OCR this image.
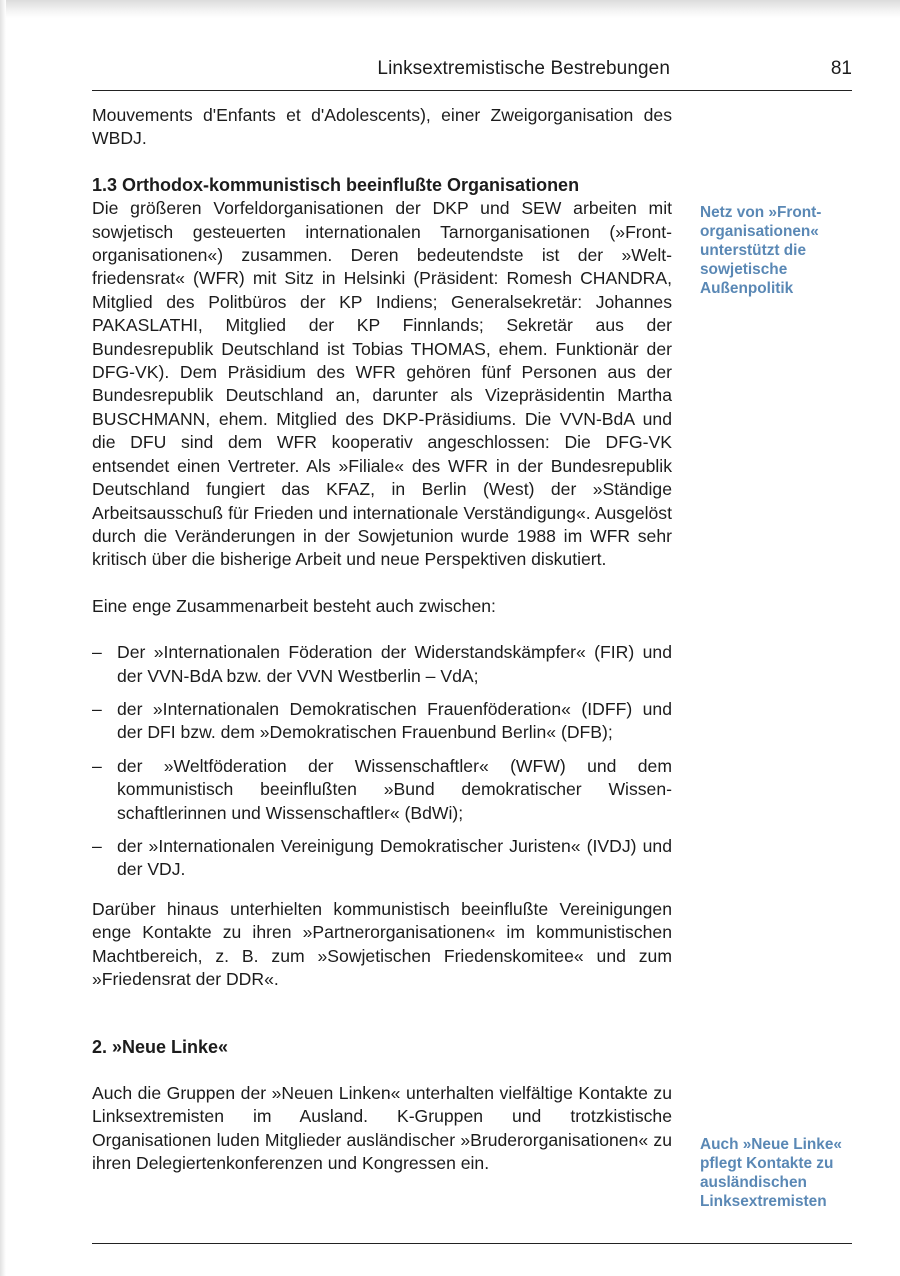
Linksextremistische Bestrebungen	81

Mouvements d'Enfants et d'Adolescents), einer Zweigorganisation des WBDJ.

1.3 Orthodox-kommunistisch beeinflußte Organisationen

Die größeren Vorfeldorganisationen der DKP und SEW arbeiten mit sowjetisch gesteuerten internationalen Tarnorganisationen (»Frontorganisationen«) zusammen. Deren bedeutendste ist der »Weltfriedensrat« (WFR) mit Sitz in Helsinki (Präsident: Romesh CHANDRA, Mitglied des Politbüros der KP Indiens; Generalsekretär: Johannes PAKASLATHI, Mitglied der KP Finnlands; Sekretär aus der Bundesrepublik Deutschland ist Tobias THOMAS, ehem. Funktionär der DFG-VK). Dem Präsidium des WFR gehören fünf Personen aus der Bundesrepublik Deutschland an, darunter als Vizepräsidentin Martha BUSCHMANN, ehem. Mitglied des DKP-Präsidiums. Die VVN-BdA und die DFU sind dem WFR kooperativ angeschlossen: Die DFG-VK entsendet einen Vertreter. Als »Filiale« des WFR in der Bundesrepublik Deutschland fungiert das KFAZ, in Berlin (West) der »Ständige Arbeitsausschuß für Frieden und internationale Verständigung«. Ausgelöst durch die Veränderungen in der Sowjetunion wurde 1988 im WFR sehr kritisch über die bisherige Arbeit und neue Perspektiven diskutiert.

Eine enge Zusammenarbeit besteht auch zwischen:

– Der »Internationalen Föderation der Widerstandskämpfer« (FIR) und der VVN-BdA bzw. der VVN Westberlin – VdA;
– der »Internationalen Demokratischen Frauenföderation« (IDFF) und der DFI bzw. dem »Demokratischen Frauenbund Berlin« (DFB);
– der »Weltföderation der Wissenschaftler« (WFW) und dem kommunistisch beeinflußten »Bund demokratischer Wissenschaftlerinnen und Wissenschaftler« (BdWi);
– der »Internationalen Vereinigung Demokratischer Juristen« (IVDJ) und der VDJ.

Darüber hinaus unterhielten kommunistisch beeinflußte Vereinigungen enge Kontakte zu ihren »Partnerorganisationen« im kommunistischen Machtbereich, z. B. zum »Sowjetischen Friedenskomitee« und zum »Friedensrat der DDR«.

2. »Neue Linke«

Auch die Gruppen der »Neuen Linken« unterhalten vielfältige Kontakte zu Linksextremisten im Ausland. K-Gruppen und trotzkistische Organisationen luden Mitglieder ausländischer »Bruderorganisationen« zu ihren Delegiertenkonferenzen und Kongressen ein.

Netz von »Frontorganisationen« unterstützt die sowjetische Außenpolitik
Auch »Neue Linke« pflegt Kontakte zu ausländischen Linksextremisten
